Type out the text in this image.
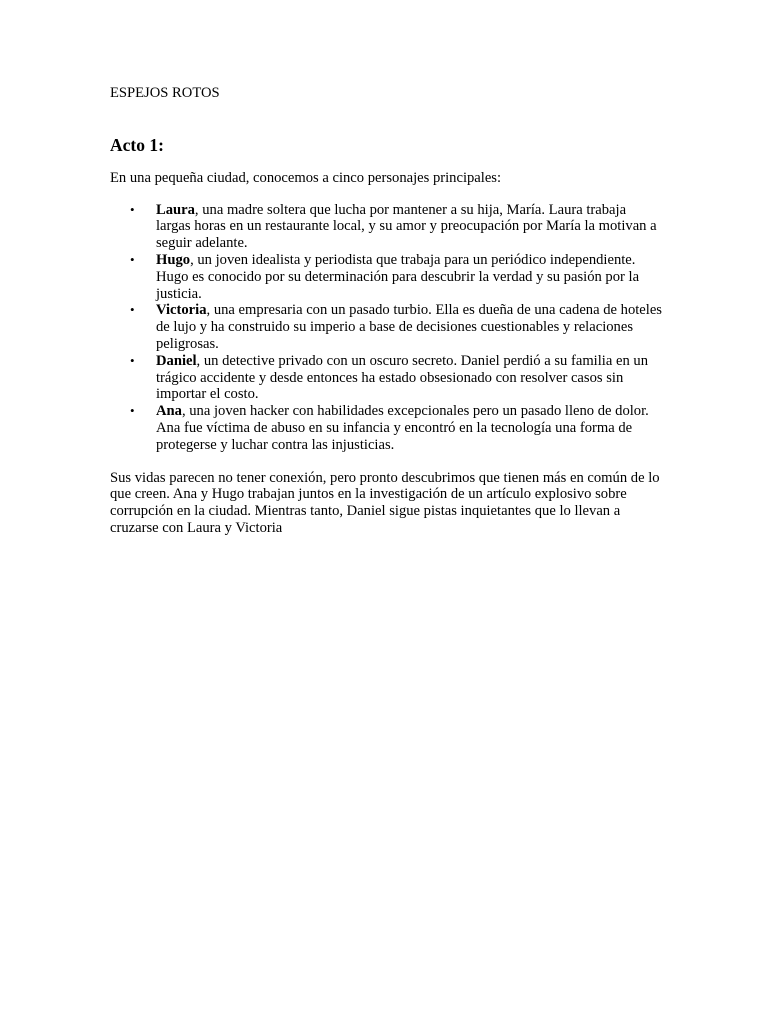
ESPEJOS ROTOS

Acto 1:

En una pequeña ciudad, conocemos a cinco personajes principales:

• Laura, una madre soltera que lucha por mantener a su hija, María. Laura trabaja largas horas en un restaurante local, y su amor y preocupación por María la motivan a seguir adelante.
• Hugo, un joven idealista y periodista que trabaja para un periódico independiente. Hugo es conocido por su determinación para descubrir la verdad y su pasión por la justicia.
• Victoria, una empresaria con un pasado turbio. Ella es dueña de una cadena de hoteles de lujo y ha construido su imperio a base de decisiones cuestionables y relaciones peligrosas.
• Daniel, un detective privado con un oscuro secreto. Daniel perdió a su familia en un trágico accidente y desde entonces ha estado obsesionado con resolver casos sin importar el costo.
• Ana, una joven hacker con habilidades excepcionales pero un pasado lleno de dolor. Ana fue víctima de abuso en su infancia y encontró en la tecnología una forma de protegerse y luchar contra las injusticias.

Sus vidas parecen no tener conexión, pero pronto descubrimos que tienen más en común de lo que creen. Ana y Hugo trabajan juntos en la investigación de un artículo explosivo sobre corrupción en la ciudad. Mientras tanto, Daniel sigue pistas inquietantes que lo llevan a cruzarse con Laura y Victoria
